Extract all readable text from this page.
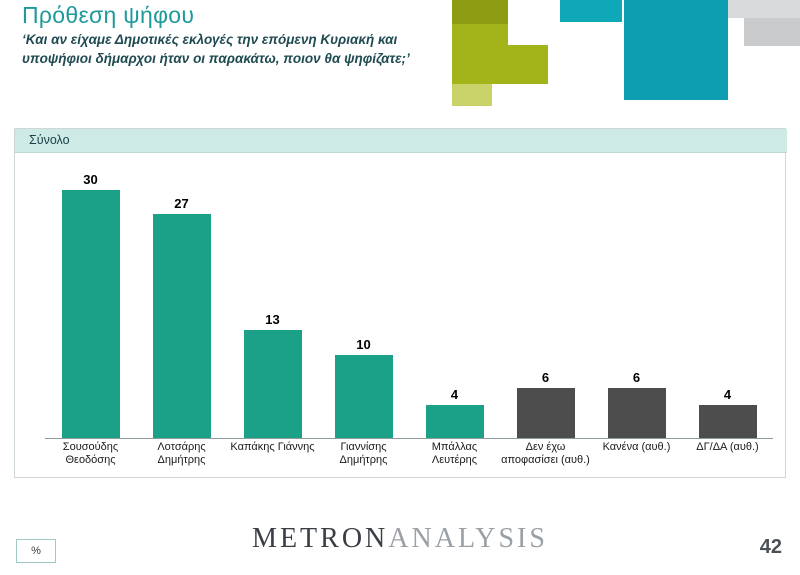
Πρόθεση ψήφου
‘Και αν είχαμε Δημοτικές εκλογές την επόμενη Κυριακή και υποψήφιοι δήμαρχοι ήταν οι παρακάτω, ποιον θα ψηφίζατε;’
Σύνολο
30
27
13
10
4
6	6
4
Σουσούδης Θεοδόσης
Λοτσάρης Δημήτρης
Καπάκης Γιάννης	Γιαννίσης Δημήτρης
Μπάλλας Λευτέρης
Δεν έχω αποφασίσει (αυθ.)
Κανένα (αυθ.)	ΔΓ/ΔΑ (αυθ.)
%	METRONANALYSIS	42
